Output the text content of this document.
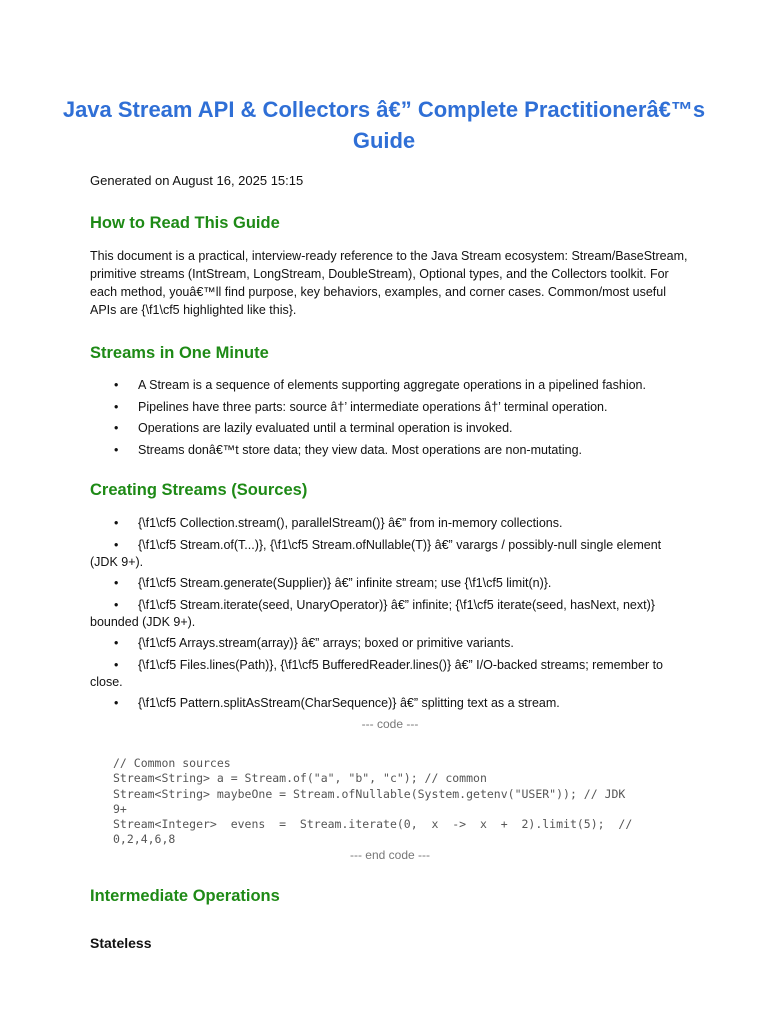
Java Stream API & Collectors â€” Complete Practitionerâ€™s Guide
Generated on August 16, 2025 15:15
How to Read This Guide

This document is a practical, interview-ready reference to the Java Stream ecosystem: Stream/BaseStream, primitive streams (IntStream, LongStream, DoubleStream), Optional types, and the Collectors toolkit. For each method, youâ€™ll find purpose, key behaviors, examples, and corner cases. Common/most useful APIs are {\f1\cf5 highlighted like this}.

Streams in One Minute
• A Stream is a sequence of elements supporting aggregate operations in a pipelined fashion.
• Pipelines have three parts: source â†’ intermediate operations â†’ terminal operation.
• Operations are lazily evaluated until a terminal operation is invoked.
• Streams donâ€™t store data; they view data. Most operations are non-mutating.
Creating Streams (Sources)
• {\f1\cf5 Collection.stream(), parallelStream()} â€” from in-memory collections.
• {\f1\cf5 Stream.of(T...)}, {\f1\cf5 Stream.ofNullable(T)} â€” varargs / possibly-null single element (JDK 9+).
• {\f1\cf5 Stream.generate(Supplier)} â€” infinite stream; use {\f1\cf5 limit(n)}.
• {\f1\cf5 Stream.iterate(seed, UnaryOperator)} â€” infinite; {\f1\cf5 iterate(seed, hasNext, next)} bounded (JDK 9+).
• {\f1\cf5 Arrays.stream(array)} â€” arrays; boxed or primitive variants.
• {\f1\cf5 Files.lines(Path)}, {\f1\cf5 BufferedReader.lines()} â€” I/O-backed streams; remember to close.
• {\f1\cf5 Pattern.splitAsStream(CharSequence)} â€” splitting text as a stream.
--- code ---
// Common sources
Stream<String> a = Stream.of("a", "b", "c"); // common
Stream<String> maybeOne = Stream.ofNullable(System.getenv("USER")); // JDK
9+
Stream<Integer>  evens  =  Stream.iterate(0,  x  ->  x  +  2).limit(5);  //
0,2,4,6,8
--- end code ---
Intermediate Operations
Stateless
